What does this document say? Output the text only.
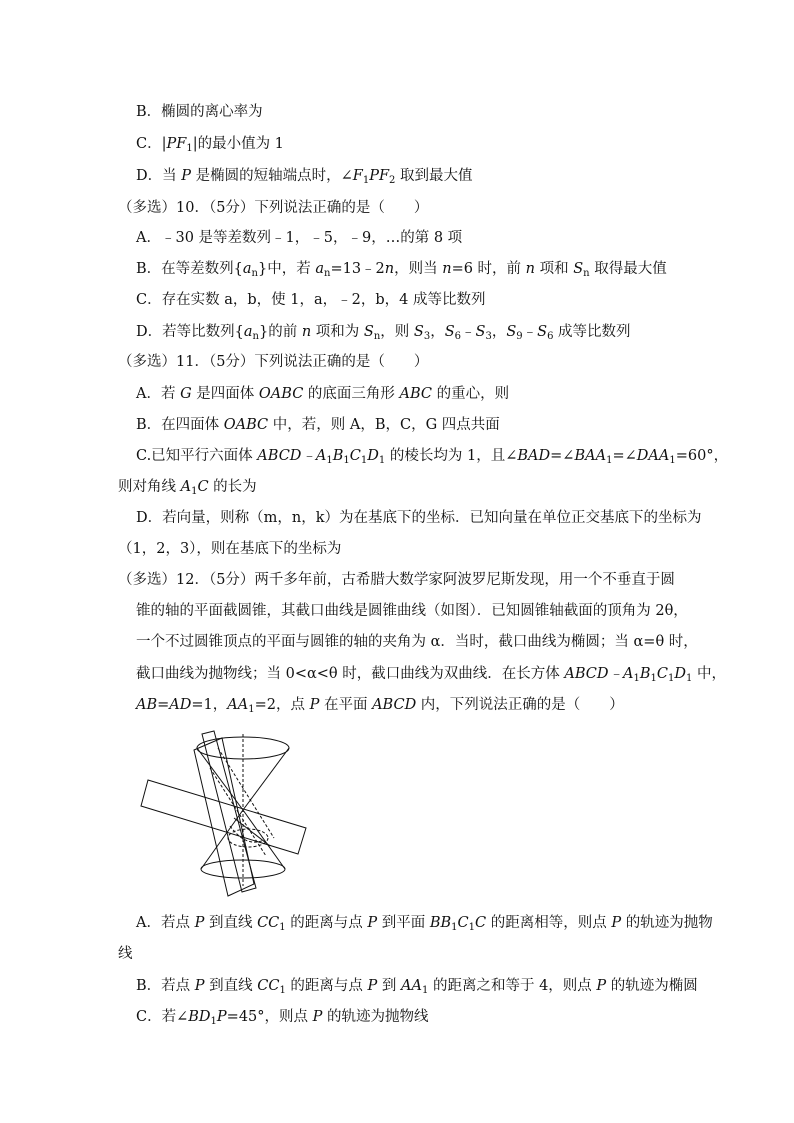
B．椭圆的离心率为
C．$|PF_1|$的最小值为 1
D．当 P 是椭圆的短轴端点时，$\angle F_1PF_2$ 取到最大值
（多选）10．（5分）下列说法正确的是（　　）
A．﹣30 是等差数列﹣1，﹣5，﹣9，…的第 8 项
B．在等差数列$\{a_n\}$中，若 $a_n=13﹣2n$，则当 n=6 时，前 n 项和 $S_n$ 取得最大值
C．存在实数 a，b，使 1，a，﹣2，b，4 成等比数列
D．若等比数列$\{a_n\}$的前 n 项和为 $S_n$，则 $S_3$，$S_6﹣S_3$，$S_9﹣S_6$ 成等比数列
（多选）11．（5分）下列说法正确的是（　　）
A．若 G 是四面体 OABC 的底面三角形 ABC 的重心，则
B．在四面体 OABC 中，若，则 A，B，C，G 四点共面
C.已知平行六面体 $ABCD﹣A_1B_1C_1D_1$ 的棱长均为 1，且$\angle BAD=\angle BAA_1=\angle DAA_1=60^\circ$，
则对角线 $A_1C$ 的长为
D．若向量，则称（m，n，k）为在基底下的坐标．已知向量在单位正交基底下的坐标为
（1，2，3），则在基底下的坐标为
（多选）12．（5分）两千多年前，古希腊大数学家阿波罗尼斯发现，用一个不垂直于圆
锥的轴的平面截圆锥，其截口曲线是圆锥曲线（如图）．已知圆锥轴截面的顶角为 2θ，
一个不过圆锥顶点的平面与圆锥的轴的夹角为 α．当时，截口曲线为椭圆；当 α=θ 时，
截口曲线为抛物线；当 0<α<θ 时，截口曲线为双曲线．在长方体 $ABCD﹣A_1B_1C_1D_1$ 中，
AB=AD=1，$AA_1=2$，点 P 在平面 ABCD 内，下列说法正确的是（　　）
A．若点 P 到直线 $CC_1$ 的距离与点 P 到平面 $BB_1C_1C$ 的距离相等，则点 P 的轨迹为抛物
线
B．若点 P 到直线 $CC_1$ 的距离与点 P 到 $AA_1$ 的距离之和等于 4，则点 P 的轨迹为椭圆
C．若$\angle BD_1P=45^\circ$，则点 P 的轨迹为抛物线
